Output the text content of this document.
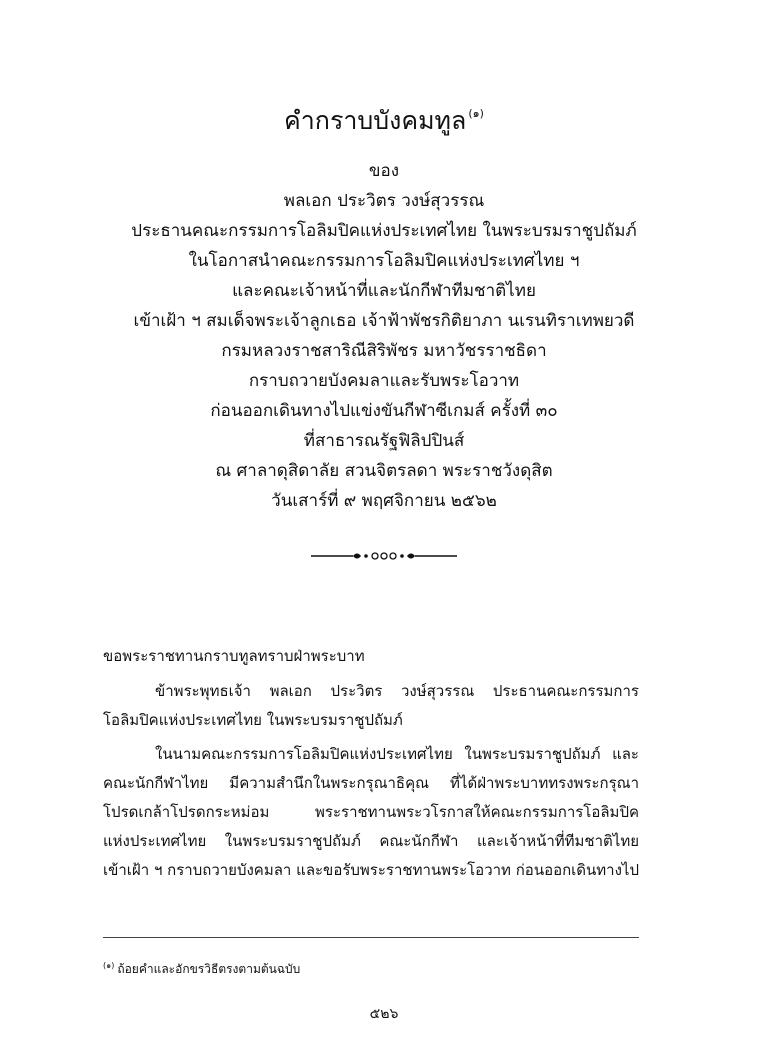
คำกราบบังคมทูล $^{(๑)}$
ของ
พลเอก ประวิตร วงษ์สุวรรณ
ประธานคณะกรรมการโอลิมปิคแห่งประเทศไทย ในพระบรมราชูปถัมภ์
ในโอกาสนำคณะกรรมการโอลิมปิคแห่งประเทศไทย ฯ
และคณะเจ้าหน้าที่และนักกีฬาทีมชาติไทย
เข้าเฝ้า ฯ สมเด็จพระเจ้าลูกเธอ เจ้าฟ้าพัชรกิติยาภา นเรนทิราเทพยวดี
กรมหลวงราชสาริณีสิริพัชร มหาวัชรราชธิดา
กราบถวายบังคมลาและรับพระโอวาท
ก่อนออกเดินทางไปแข่งขันกีฬาซีเกมส์ ครั้งที่ ๓๐
ที่สาธารณรัฐฟิลิปปินส์
ณ ศาลาดุสิดาลัย สวนจิตรลดา พระราชวังดุสิต
วันเสาร์ที่ ๙ พฤศจิกายน ๒๕๖๒
ขอพระราชทานกราบทูลทราบฝ่าพระบาท
ข้าพระพุทธเจ้า พลเอก ประวิตร วงษ์สุวรรณ ประธานคณะกรรมการ
โอลิมปิคแห่งประเทศไทย ในพระบรมราชูปถัมภ์
ในนามคณะกรรมการโอลิมปิคแห่งประเทศไทย ในพระบรมราชูปถัมภ์ และ
คณะนักกีฬาไทย มีความสำนึกในพระกรุณาธิคุณ ที่ได้ฝ่าพระบาททรงพระกรุณา
โปรดเกล้าโปรดกระหม่อม พระราชทานพระวโรกาสให้คณะกรรมการโอลิมปิค
แห่งประเทศไทย ในพระบรมราชูปถัมภ์ คณะนักกีฬา และเจ้าหน้าที่ทีมชาติไทย
เข้าเฝ้า ฯ กราบถวายบังคมลา และขอรับพระราชทานพระโอวาท ก่อนออกเดินทางไป
$^{(๑)}$ ถ้อยคำและอักขรวิธีตรงตามต้นฉบับ
๕๒๖
